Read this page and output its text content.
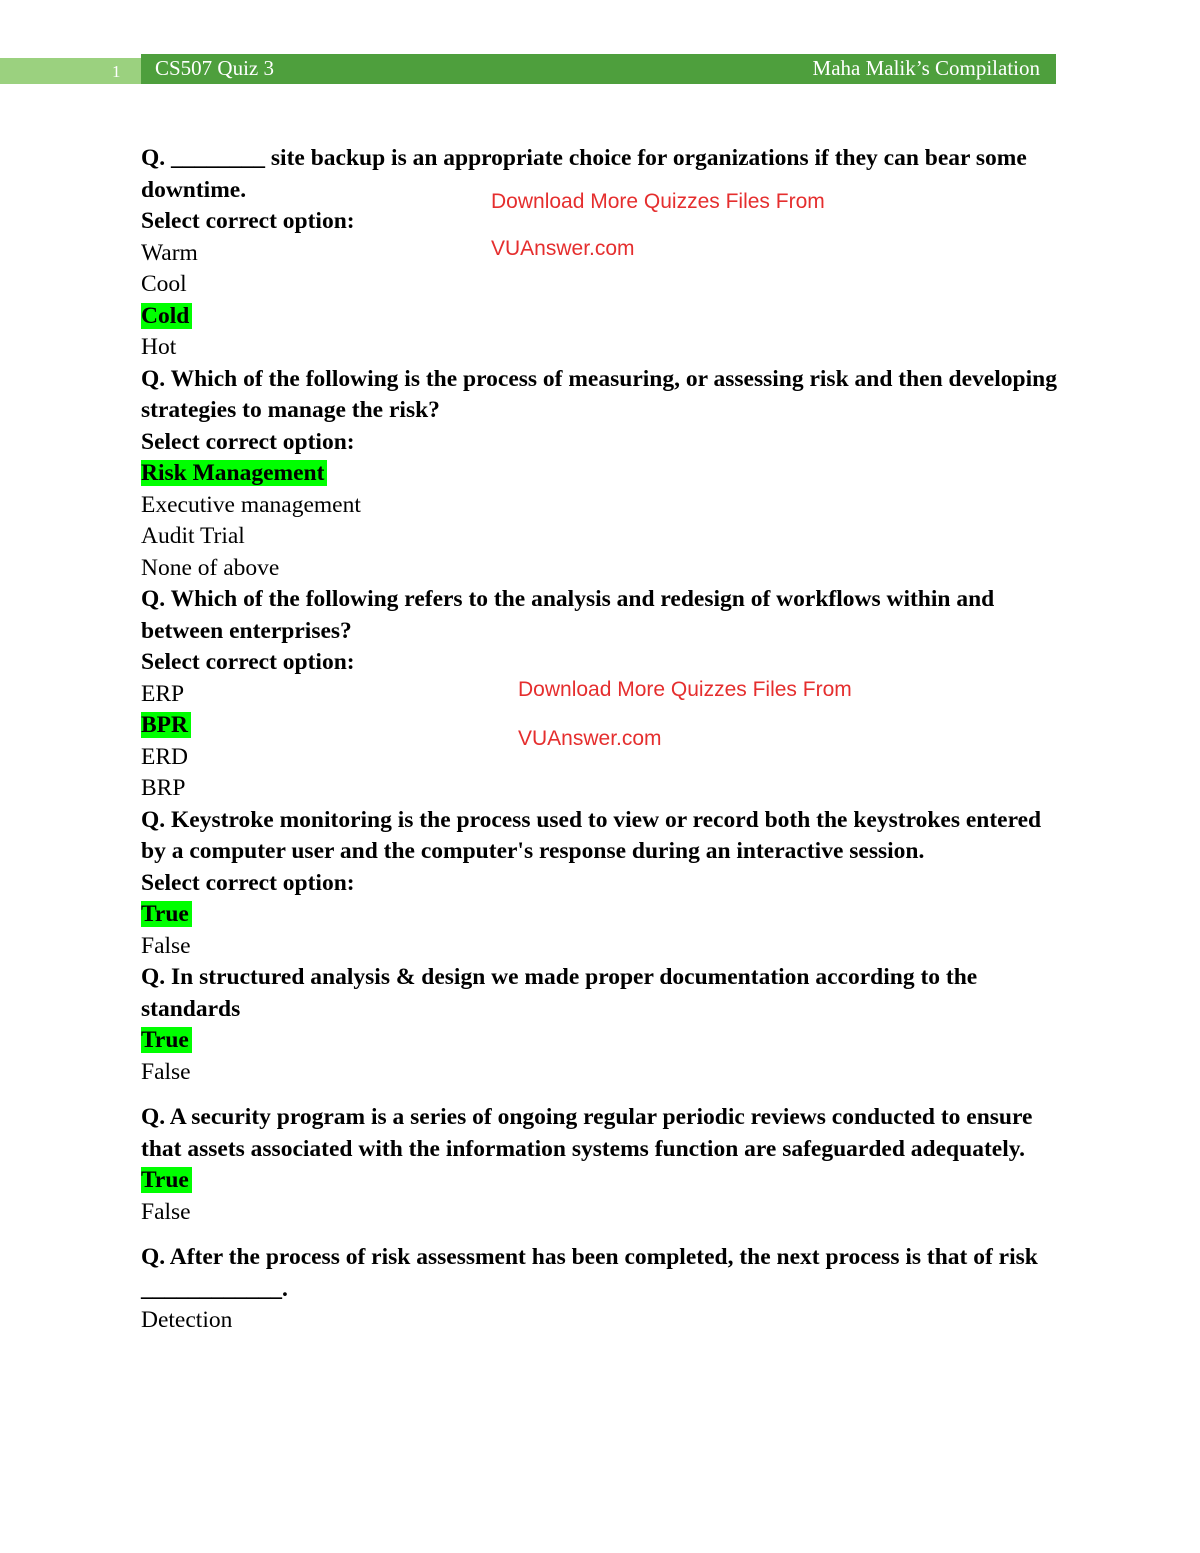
1 CS507 Quiz 3	Maha Malik’s Compilation
Q. ________ site backup is an appropriate choice for organizations if they can bear some downtime.
Select correct option:
Warm
Cool
Cold
Hot
Q. Which of the following is the process of measuring, or assessing risk and then developing strategies to manage the risk?
Select correct option:
Risk Management
Executive management
Audit Trial
None of above
Q. Which of the following refers to the analysis and redesign of workflows within and between enterprises?
Select correct option:
ERP
BPR
ERD
BRP
Q. Keystroke monitoring is the process used to view or record both the keystrokes entered by a computer user and the computer's response during an interactive session.
Select correct option:
True
False
Q. In structured analysis & design we made proper documentation according to the standards
True
False
Q. A security program is a series of ongoing regular periodic reviews conducted to ensure that assets associated with the information systems function are safeguarded adequately.
True
False
Q. After the process of risk assessment has been completed, the next process is that of risk ____________.
Detection
Download More Quizzes Files From
VUAnswer.com
Download More Quizzes Files From
VUAnswer.com
